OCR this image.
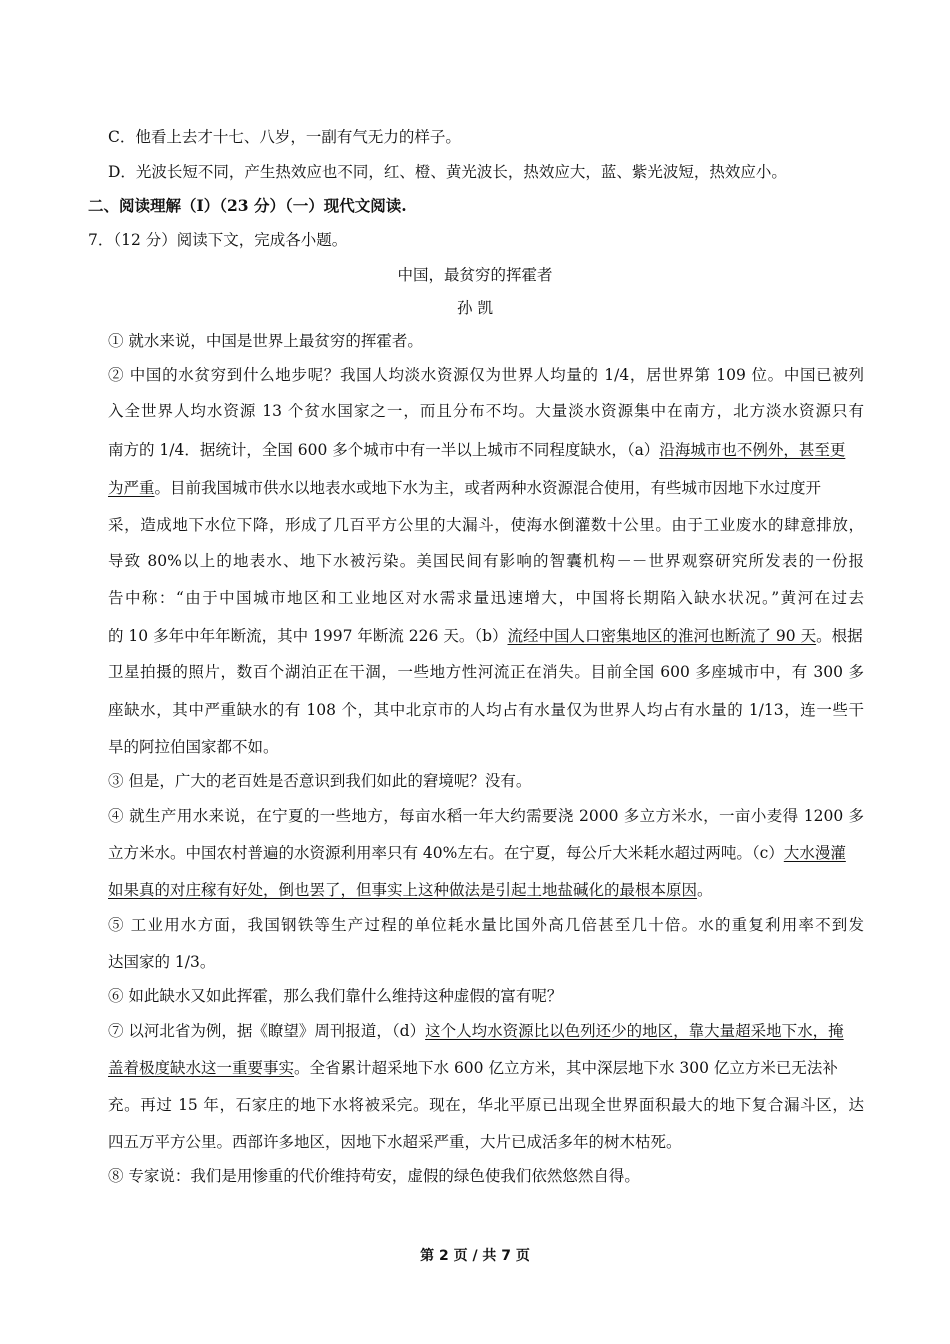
C．他看上去才十七、八岁，一副有气无力的样子。
D．光波长短不同，产生热效应也不同，红、橙、黄光波长，热效应大，蓝、紫光波短，热效应小。
二、阅读理解（Ⅰ）（23 分）（一）现代文阅读.
7．（12 分）阅读下文，完成各小题。
中国，最贫穷的挥霍者
孙 凯
① 就水来说，中国是世界上最贫穷的挥霍者。
② 中国的水贫穷到什么地步呢？我国人均淡水资源仅为世界人均量的 1/4，居世界第 109 位。中国已被列
入全世界人均水资源 13 个贫水国家之一，而且分布不均。大量淡水资源集中在南方，北方淡水资源只有
南方的 1/4．据统计，全国 600 多个城市中有一半以上城市不同程度缺水，（a）沿海城市也不例外，甚至更
为严重。目前我国城市供水以地表水或地下水为主，或者两种水资源混合使用，有些城市因地下水过度开
采，造成地下水位下降，形成了几百平方公里的大漏斗，使海水倒灌数十公里。由于工业废水的肆意排放，
导致 80%以上的地表水、地下水被污染。美国民间有影响的智囊机构－－世界观察研究所发表的一份报
告中称：“由于中国城市地区和工业地区对水需求量迅速增大，中国将长期陷入缺水状况。”黄河在过去
的 10 多年中年年断流，其中 1997 年断流 226 天。（b）流经中国人口密集地区的淮河也断流了 90 天。根据
卫星拍摄的照片，数百个湖泊正在干涸，一些地方性河流正在消失。目前全国 600 多座城市中，有 300 多
座缺水，其中严重缺水的有 108 个，其中北京市的人均占有水量仅为世界人均占有水量的 1/13，连一些干
旱的阿拉伯国家都不如。
③ 但是，广大的老百姓是否意识到我们如此的窘境呢？没有。
④ 就生产用水来说，在宁夏的一些地方，每亩水稻一年大约需要浇 2000 多立方米水，一亩小麦得 1200 多
立方米水。中国农村普遍的水资源利用率只有 40%左右。在宁夏，每公斤大米耗水超过两吨。（c）大水漫灌
如果真的对庄稼有好处，倒也罢了，但事实上这种做法是引起土地盐碱化的最根本原因。
⑤ 工业用水方面，我国钢铁等生产过程的单位耗水量比国外高几倍甚至几十倍。水的重复利用率不到发
达国家的 1/3。
⑥ 如此缺水又如此挥霍，那么我们靠什么维持这种虚假的富有呢？
⑦ 以河北省为例，据《瞭望》周刊报道，（d）这个人均水资源比以色列还少的地区，靠大量超采地下水，掩
盖着极度缺水这一重要事实。全省累计超采地下水 600 亿立方米，其中深层地下水 300 亿立方米已无法补
充。再过 15 年，石家庄的地下水将被采完。现在，华北平原已出现全世界面积最大的地下复合漏斗区，达
四五万平方公里。西部许多地区，因地下水超采严重，大片已成活多年的树木枯死。
⑧ 专家说：我们是用惨重的代价维持苟安，虚假的绿色使我们依然悠然自得。
第 2 页 / 共 7 页
